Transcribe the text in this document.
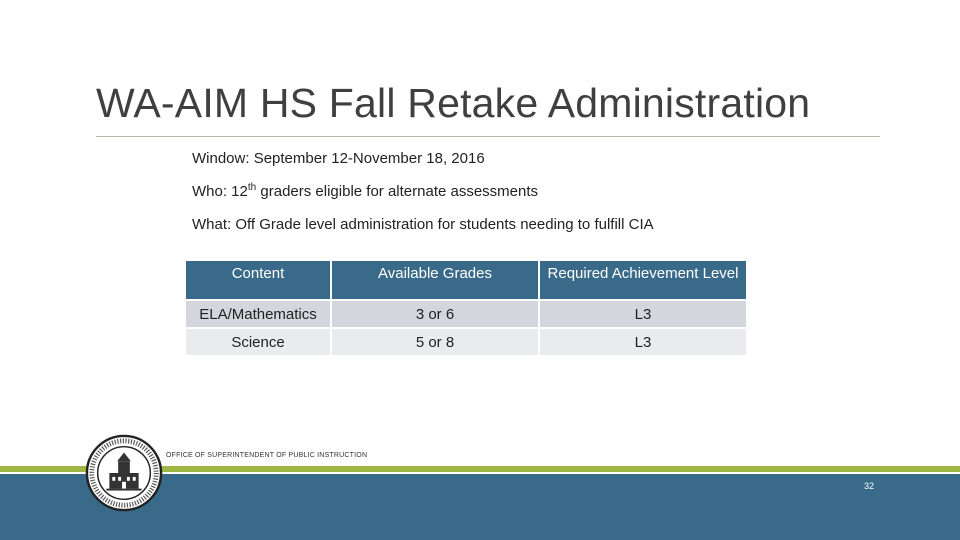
WA-AIM HS Fall Retake Administration
Window: September 12-November 18, 2016
Who: 12th graders eligible for alternate assessments
What: Off Grade level administration for students needing to fulfill CIA
Content	Available Grades	Required Achievement Level
ELA/Mathematics	3 or 6	L3
Science	5 or 8	L3
OFFICE OF SUPERINTENDENT OF PUBLIC INSTRUCTION
32
